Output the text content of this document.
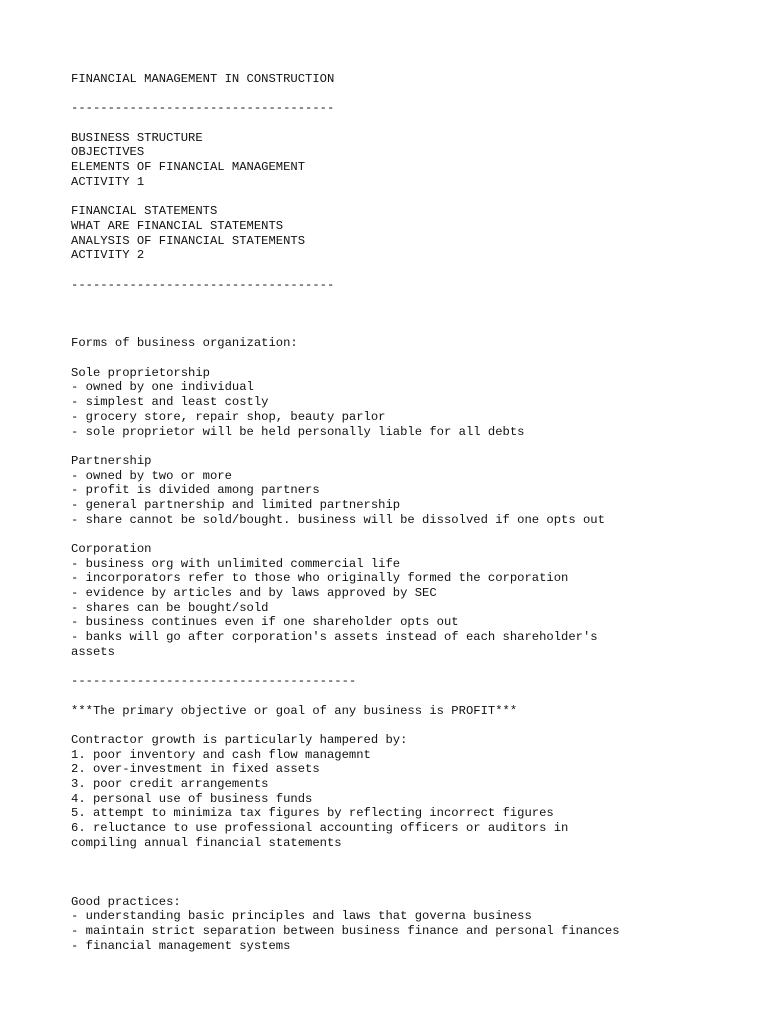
FINANCIAL MANAGEMENT IN CONSTRUCTION
------------------------------------
BUSINESS STRUCTURE
OBJECTIVES
ELEMENTS OF FINANCIAL MANAGEMENT
ACTIVITY 1
FINANCIAL STATEMENTS
WHAT ARE FINANCIAL STATEMENTS
ANALYSIS OF FINANCIAL STATEMENTS
ACTIVITY 2
------------------------------------
Forms of business organization:
Sole proprietorship
- owned by one individual
- simplest and least costly
- grocery store, repair shop, beauty parlor
- sole proprietor will be held personally liable for all debts
Partnership
- owned by two or more
- profit is divided among partners
- general partnership and limited partnership
- share cannot be sold/bought. business will be dissolved if one opts out
Corporation
- business org with unlimited commercial life
- incorporators refer to those who originally formed the corporation
- evidence by articles and by laws approved by SEC
- shares can be bought/sold
- business continues even if one shareholder opts out
- banks will go after corporation's assets instead of each shareholder's
assets
---------------------------------------
***The primary objective or goal of any business is PROFIT***
Contractor growth is particularly hampered by:
1. poor inventory and cash flow managemnt
2. over-investment in fixed assets
3. poor credit arrangements
4. personal use of business funds
5. attempt to minimiza tax figures by reflecting incorrect figures
6. reluctance to use professional accounting officers or auditors in
compiling annual financial statements
Good practices:
- understanding basic principles and laws that governa business
- maintain strict separation between business finance and personal finances
- financial management systems
